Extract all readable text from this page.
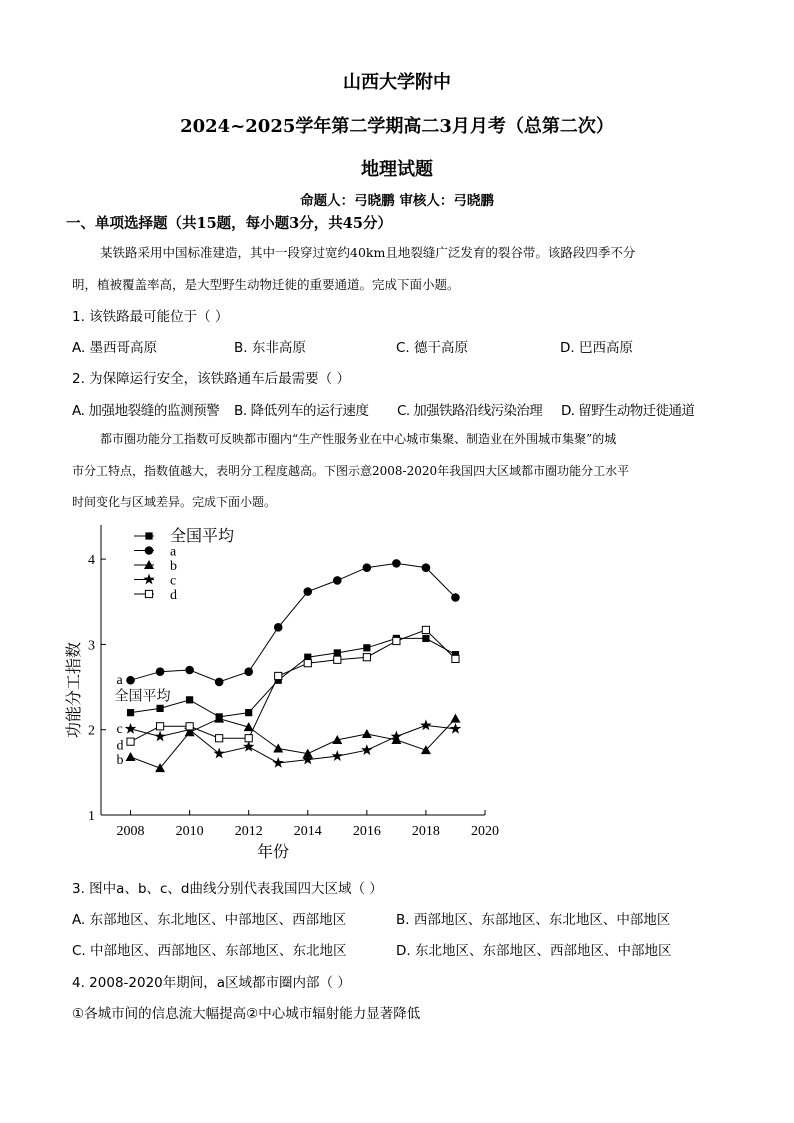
山西大学附中
2024~2025学年第二学期高二3月月考（总第二次）
地理试题
命题人：弓晓鹏 审核人：弓晓鹏
一、单项选择题（共15题，每小题3分，共45分）
某铁路采用中国标准建造，其中一段穿过宽约40km且地裂缝广泛发育的裂谷带。该路段四季不分
明，植被覆盖率高，是大型野生动物迁徙的重要通道。完成下面小题。
1. 该铁路最可能位于（ ）
A. 墨西哥高原	B. 东非高原	C. 德干高原	D. 巴西高原
2. 为保障运行安全，该铁路通车后最需要（ ）
A. 加强地裂缝的监测预警 B. 降低列车的运行速度 C. 加强铁路沿线污染治理 D. 留野生动物迁徙通道
都市圈功能分工指数可反映都市圈内“生产性服务业在中心城市集聚、制造业在外围城市集聚”的城
市分工特点，指数值越大，表明分工程度越高。下图示意2008-2020年我国四大区域都市圈功能分工水平
时间变化与区域差异。完成下面小题。
1
2
3
4
2008 2010 2012 2014 2016 2018 2020
年份
功能分工指数 全国平均
a
b
c
d
全国平均
a
b
c
d
3. 图中a、b、c、d曲线分别代表我国四大区域（ ）
A. 东部地区、东北地区、中部地区、西部地区	B. 西部地区、东部地区、东北地区、中部地区
C. 中部地区、西部地区、东部地区、东北地区	D. 东北地区、东部地区、西部地区、中部地区
4. 2008-2020年期间，a区域都市圈内部（ ）
①各城市间的信息流大幅提高②中心城市辐射能力显著降低
